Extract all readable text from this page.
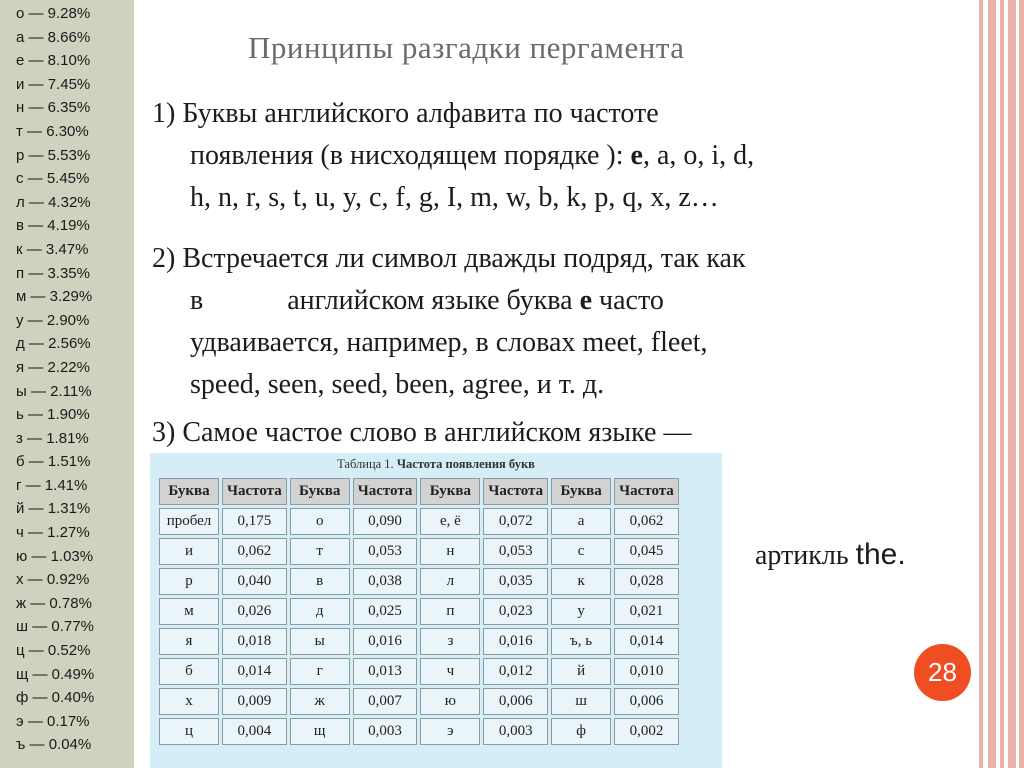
о — 9.28%
а — 8.66%
е — 8.10%
и — 7.45%
н — 6.35%
т — 6.30%
р — 5.53%
с — 5.45%
л — 4.32%
в — 4.19%
к — 3.47%
п — 3.35%
м — 3.29%
у — 2.90%
д — 2.56%
я — 2.22%
ы — 2.11%
ь — 1.90%
з — 1.81%
б — 1.51%
г — 1.41%
й — 1.31%
ч — 1.27%
ю — 1.03%
х — 0.92%
ж — 0.78%
ш — 0.77%
ц — 0.52%
щ — 0.49%
ф — 0.40%
э — 0.17%
ъ — 0.04%
Принципы разгадки пергамента
1) Буквы английского алфавита по частоте
появления (в нисходящем порядке ): e, a, o, i, d,
h, n, r, s, t, u, y, c, f, g, I, m, w, b, k, p, q, x, z…
2) Встречается ли символ дважды подряд, так как
в            английском языке буква e часто
удваивается, например, в словах meet, fleet,
speed, seen, seed, been, agree, и т. д.
3) Самое частое слово в английском языке —
артикль the.
Таблица 1. Частота появления букв
Буква	Частота	Буква	Частота	Буква	Частота	Буква	Частота
пробел	0,175	о	0,090	е, ё	0,072	а	0,062
и	0,062	т	0,053	н	0,053	с	0,045
р	0,040	в	0,038	л	0,035	к	0,028
м	0,026	д	0,025	п	0,023	у	0,021
я	0,018	ы	0,016	з	0,016	ъ, ь	0,014
б	0,014	г	0,013	ч	0,012	й	0,010
х	0,009	ж	0,007	ю	0,006	ш	0,006
ц	0,004	щ	0,003	э	0,003	ф	0,002
28
